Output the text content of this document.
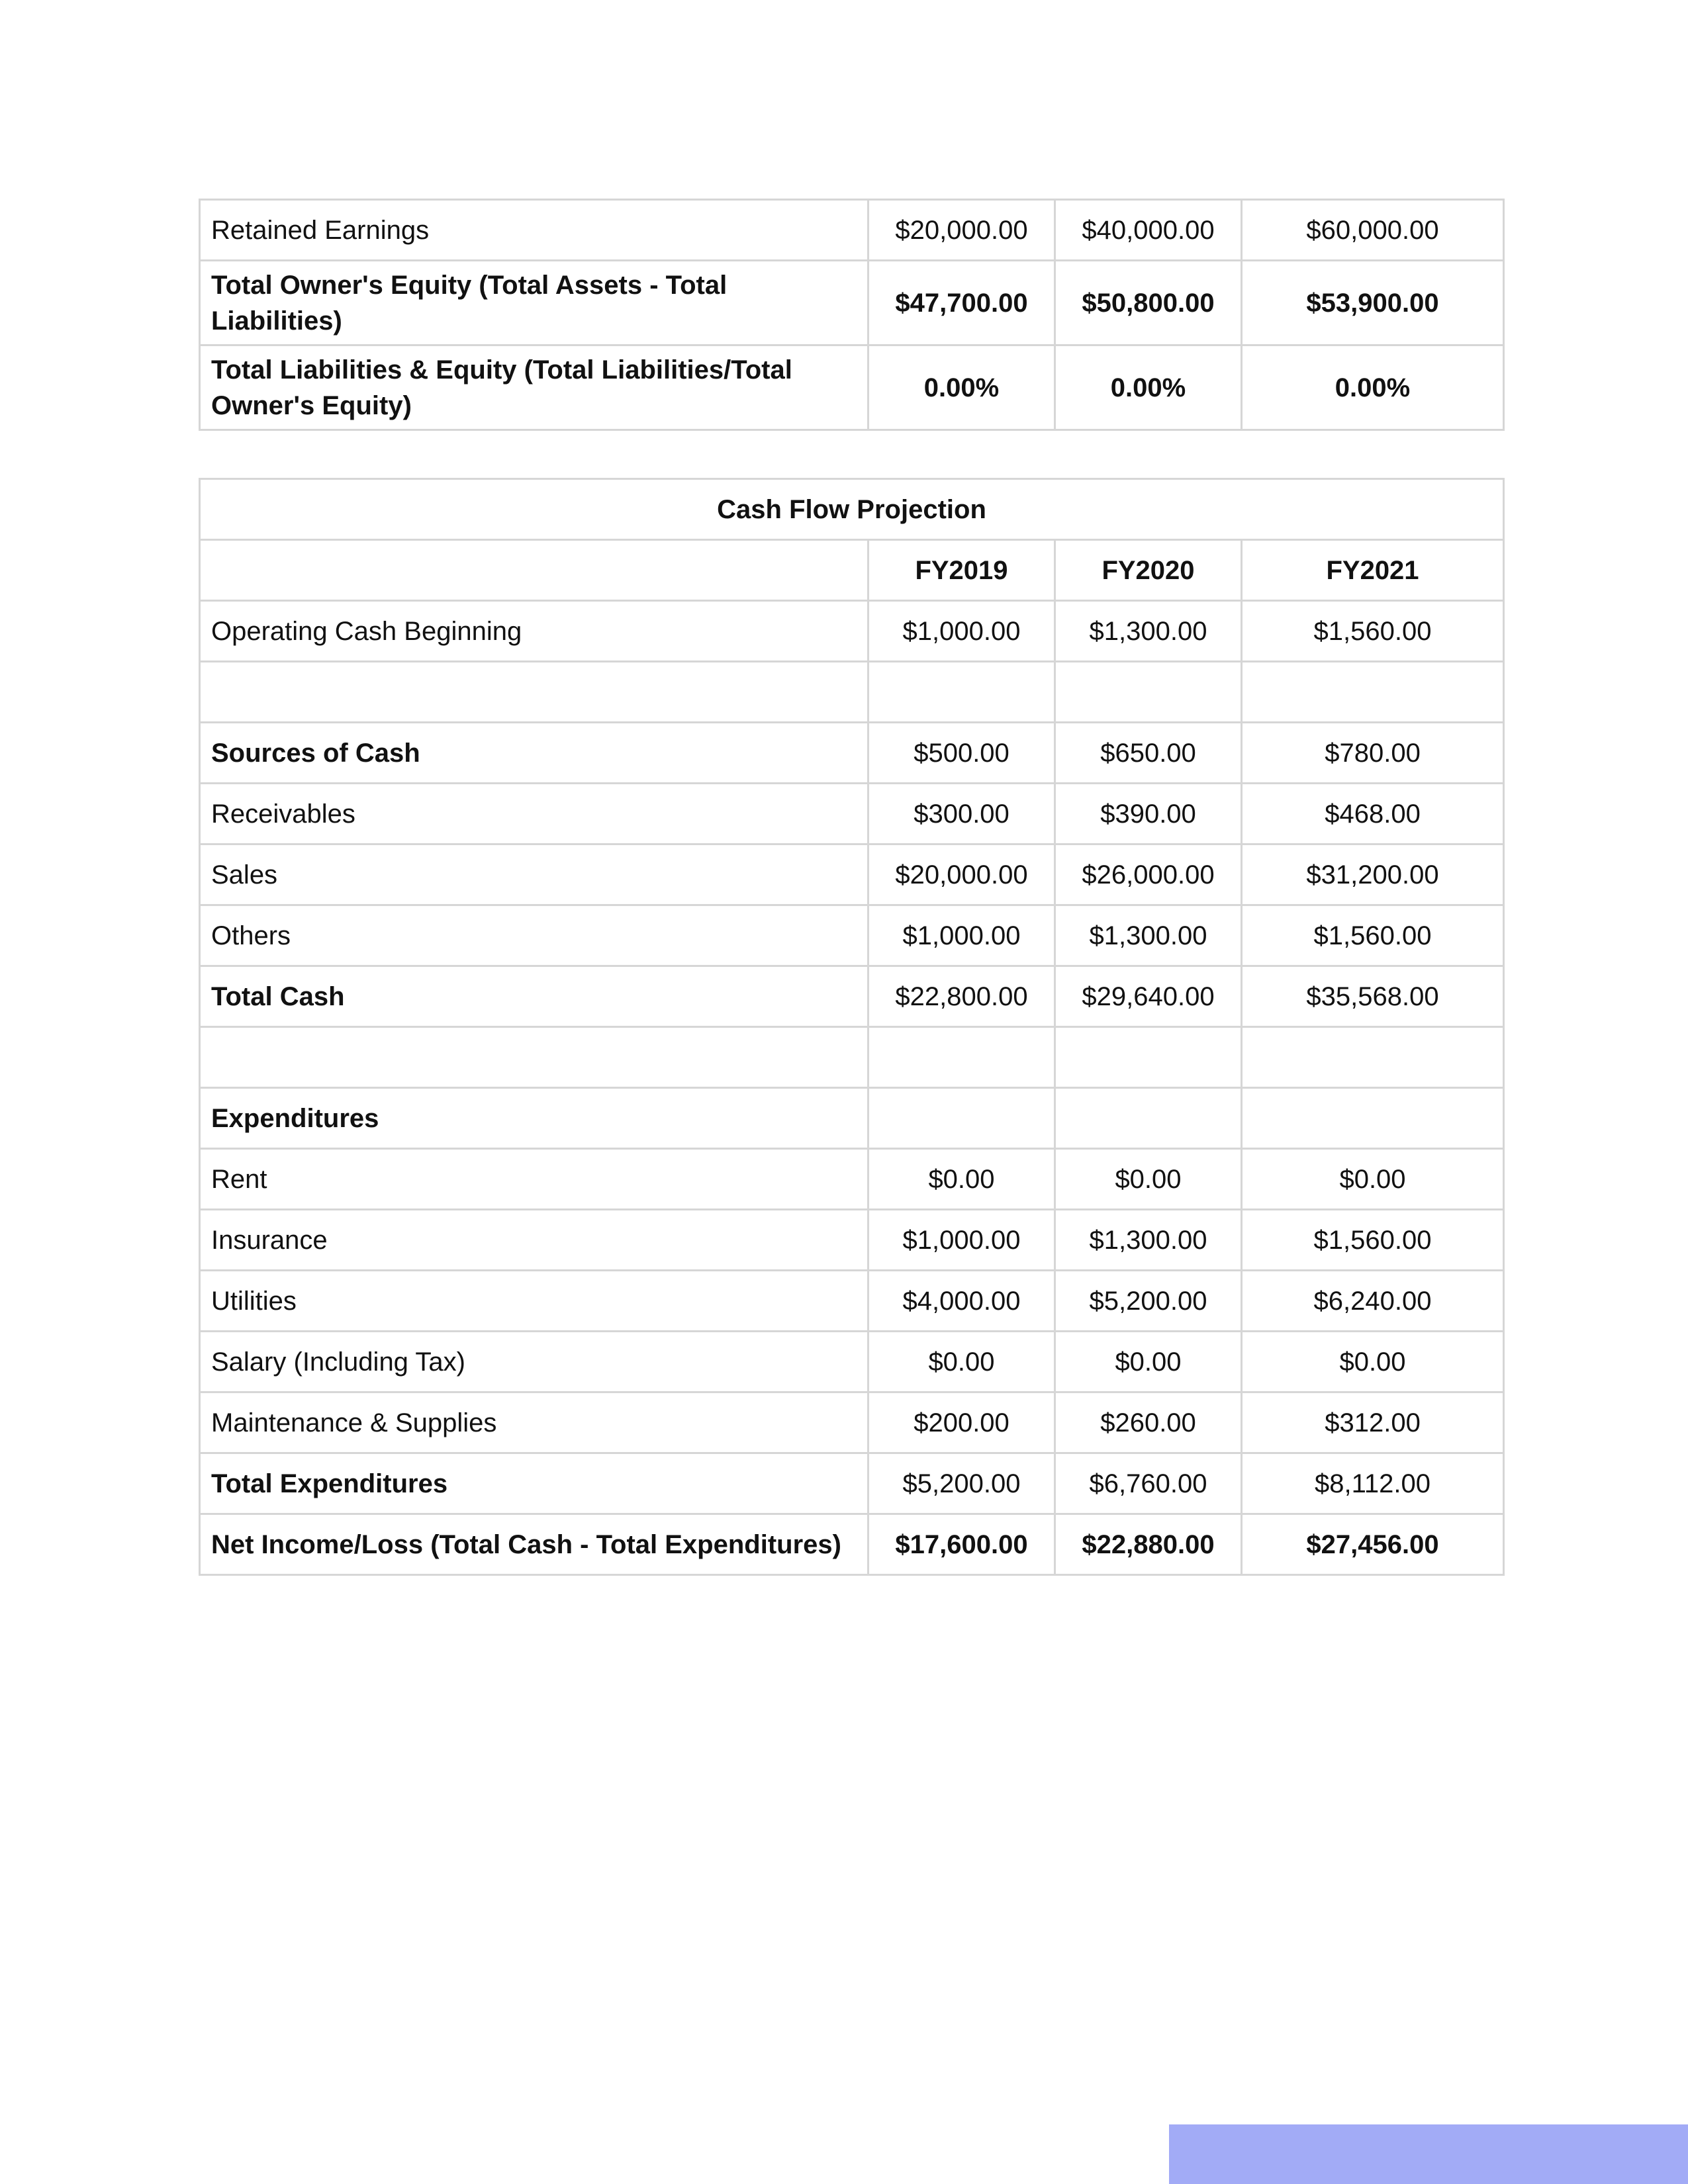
Retained Earnings	$20,000.00	$40,000.00	$60,000.00
Total Owner's Equity (Total Assets - Total Liabilities)	$47,700.00	$50,800.00	$53,900.00
Total Liabilities & Equity (Total Liabilities/Total Owner's Equity)	0.00%	0.00%	0.00%
Cash Flow Projection			
	FY2019	FY2020	FY2021
Operating Cash Beginning	$1,000.00	$1,300.00	$1,560.00

Sources of Cash	$500.00	$650.00	$780.00
Receivables	$300.00	$390.00	$468.00
Sales	$20,000.00	$26,000.00	$31,200.00
Others	$1,000.00	$1,300.00	$1,560.00
Total Cash	$22,800.00	$29,640.00	$35,568.00

Expenditures			
Rent	$0.00	$0.00	$0.00
Insurance	$1,000.00	$1,300.00	$1,560.00
Utilities	$4,000.00	$5,200.00	$6,240.00
Salary (Including Tax)	$0.00	$0.00	$0.00
Maintenance & Supplies	$200.00	$260.00	$312.00
Total Expenditures	$5,200.00	$6,760.00	$8,112.00
Net Income/Loss (Total Cash - Total Expenditures)	$17,600.00	$22,880.00	$27,456.00
